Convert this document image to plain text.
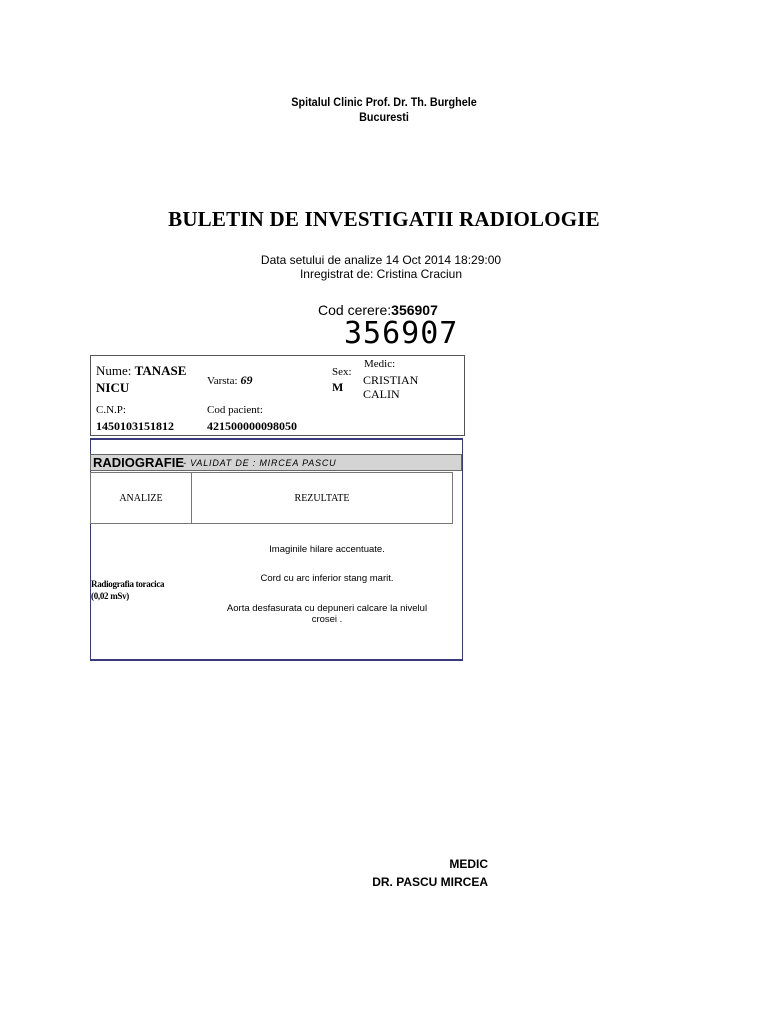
Spitalul Clinic Prof. Dr. Th. Burghele
Bucuresti
BULETIN DE INVESTIGATII RADIOLOGIE
Data setului de analize 14 Oct 2014 18:29:00
Inregistrat de: Cristina Craciun
Cod cerere:356907
356907
Nume: TANASE
NICU	Varsta: 69
Sex:
M
Medic:
CRISTIAN
CALIN
C.N.P:
1450103151812
Cod pacient:
421500000098050
RADIOGRAFIE - VALIDAT DE : MIRCEA PASCU
ANALIZE	REZULTATE
Radiografia toracica
(0,02 mSv)
Imaginile hilare accentuate.
Cord cu arc inferior stang marit.
Aorta desfasurata cu depuneri calcare la nivelul
crosei .
MEDIC
DR. PASCU MIRCEA
